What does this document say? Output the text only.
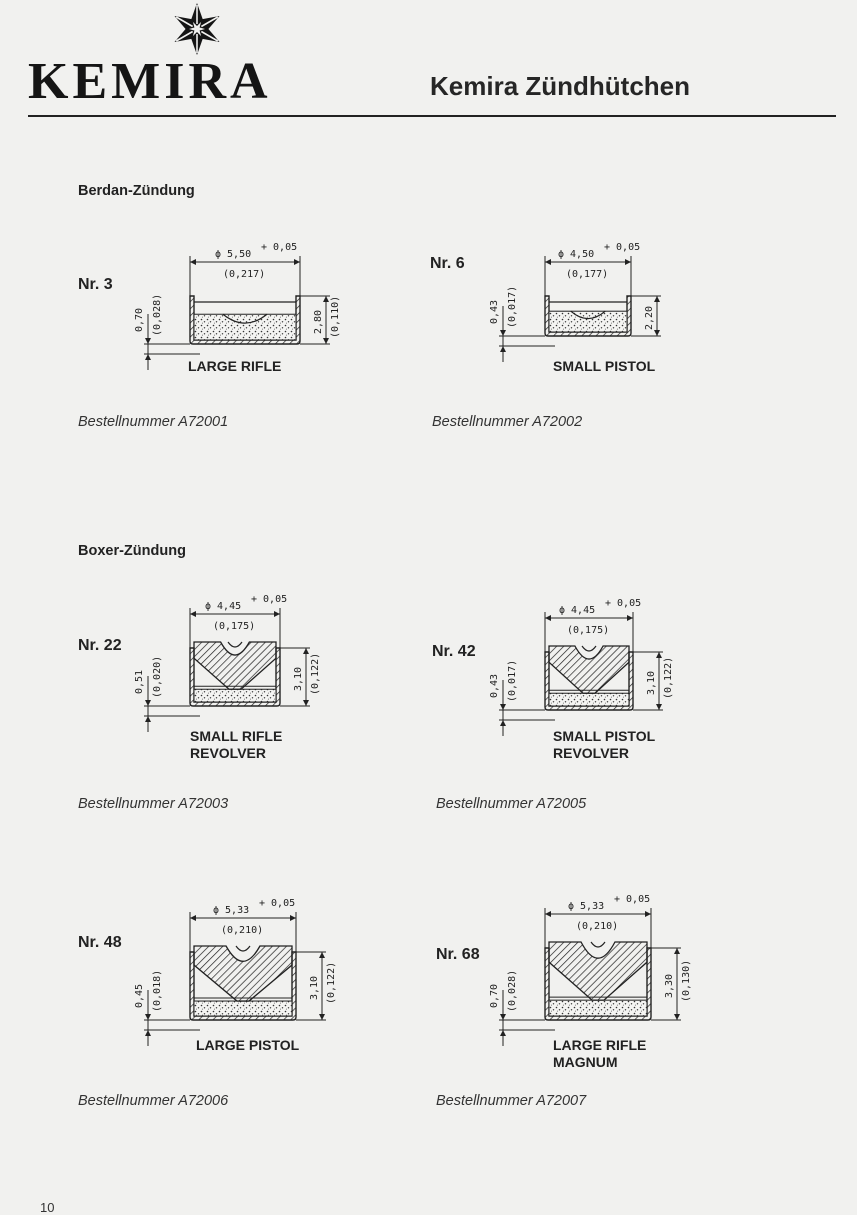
KEMIRA	Kemira Zündhütchen
Berdan-Zündung
Boxer-Zündung
Nr. 3
LARGE RIFLE
Bestellnummer A72001
ϕ 5,50
+ 0,05
(0,217)
2,80 (0,110)
0,70 (0,028)
Nr. 6
SMALL PISTOL
Bestellnummer A72002
ϕ 4,50
+ 0,05
(0,177)
2,20
0,43 (0,017)
Nr. 22
SMALL RIFLE
REVOLVER
Bestellnummer A72003
ϕ 4,45
+ 0,05
(0,175)
3,10 (0,122)
0,51 (0,020)
Nr. 42
SMALL PISTOL
REVOLVER
Bestellnummer A72005
ϕ 4,45
+ 0,05
(0,175)
3,10 (0,122)
0,43 (0,017)
Nr. 48
LARGE PISTOL
Bestellnummer A72006
ϕ 5,33
+ 0,05
(0,210)
3,10 (0,122)
0,45 (0,018)
Nr. 68
LARGE RIFLE
MAGNUM
Bestellnummer A72007
ϕ 5,33
+ 0,05
(0,210)
3,30 (0,130)
0,70 (0,028)
10
